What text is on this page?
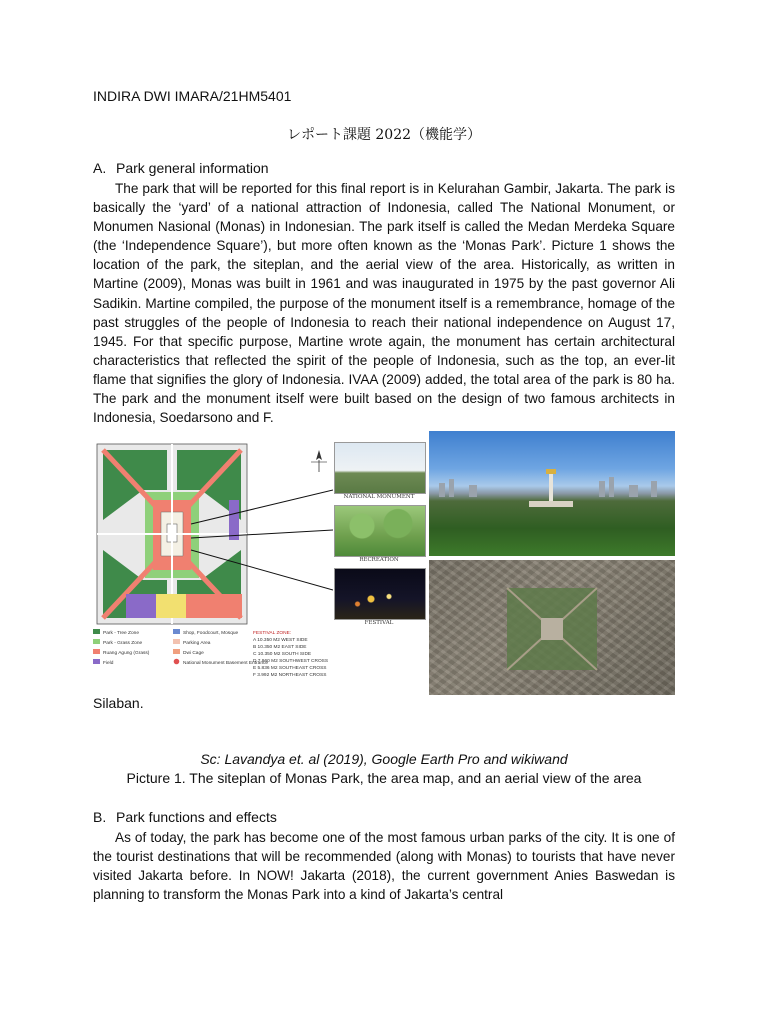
INDIRA DWI IMARA/21HM5401
レポート課題 2022（機能学）
A. Park general information

The park that will be reported for this final report is in Kelurahan Gambir, Jakarta. The park is basically the ‘yard’ of a national attraction of Indonesia, called The National Monument, or Monumen Nasional (Monas) in Indonesian. The park itself is called the Medan Merdeka Square (the ‘Independence Square’), but more often known as the ‘Monas Park’. Picture 1 shows the location of the park, the siteplan, and the aerial view of the area. Historically, as written in Martine (2009), Monas was built in 1961 and was inaugurated in 1975 by the past governor Ali Sadikin. Martine compiled, the purpose of the monument itself is a remembrance, homage of the past struggles of the people of Indonesia to reach their national independence on August 17, 1945. For that specific purpose, Martine wrote again, the monument has certain architectural characteristics that reflected the spirit of the people of Indonesia, such as the top, an ever-lit flame that signifies the glory of Indonesia. IVAA (2009) added, the total area of the park is 80 ha. The park and the monument itself were built based on the design of two famous architects in Indonesia, Soedarsono and F.

Park - Tree Zone
Park - Grass Zone
Ruang Agung (Grass)
Field
Shop, Foodcourt, Mosque
Parking Area
Dwi Cage
National Monument Basement Entrance
FESTIVAL ZONE:
A 10.350 M2 WEST SIDE
B 10.350 M2 EAST SIDE
C 10.350 M2 SOUTH SIDE
D 7.960 M2 SOUTHWEST CROSS
E 5.836 M2 SOUTHEAST CROSS
F 3.992 M2 NORTHEAST CROSS
NATIONAL MONUMENT
RECREATION
FESTIVAL
Silaban.
Sc: Lavandya et. al (2019), Google Earth Pro and wikiwand
Picture 1. The siteplan of Monas Park, the area map, and an aerial view of the area
B. Park functions and effects

As of today, the park has become one of the most famous urban parks of the city. It is one of the tourist destinations that will be recommended (along with Monas) to tourists that have never visited Jakarta before. In NOW! Jakarta (2018), the current government Anies Baswedan is planning to transform the Monas Park into a kind of Jakarta’s central
